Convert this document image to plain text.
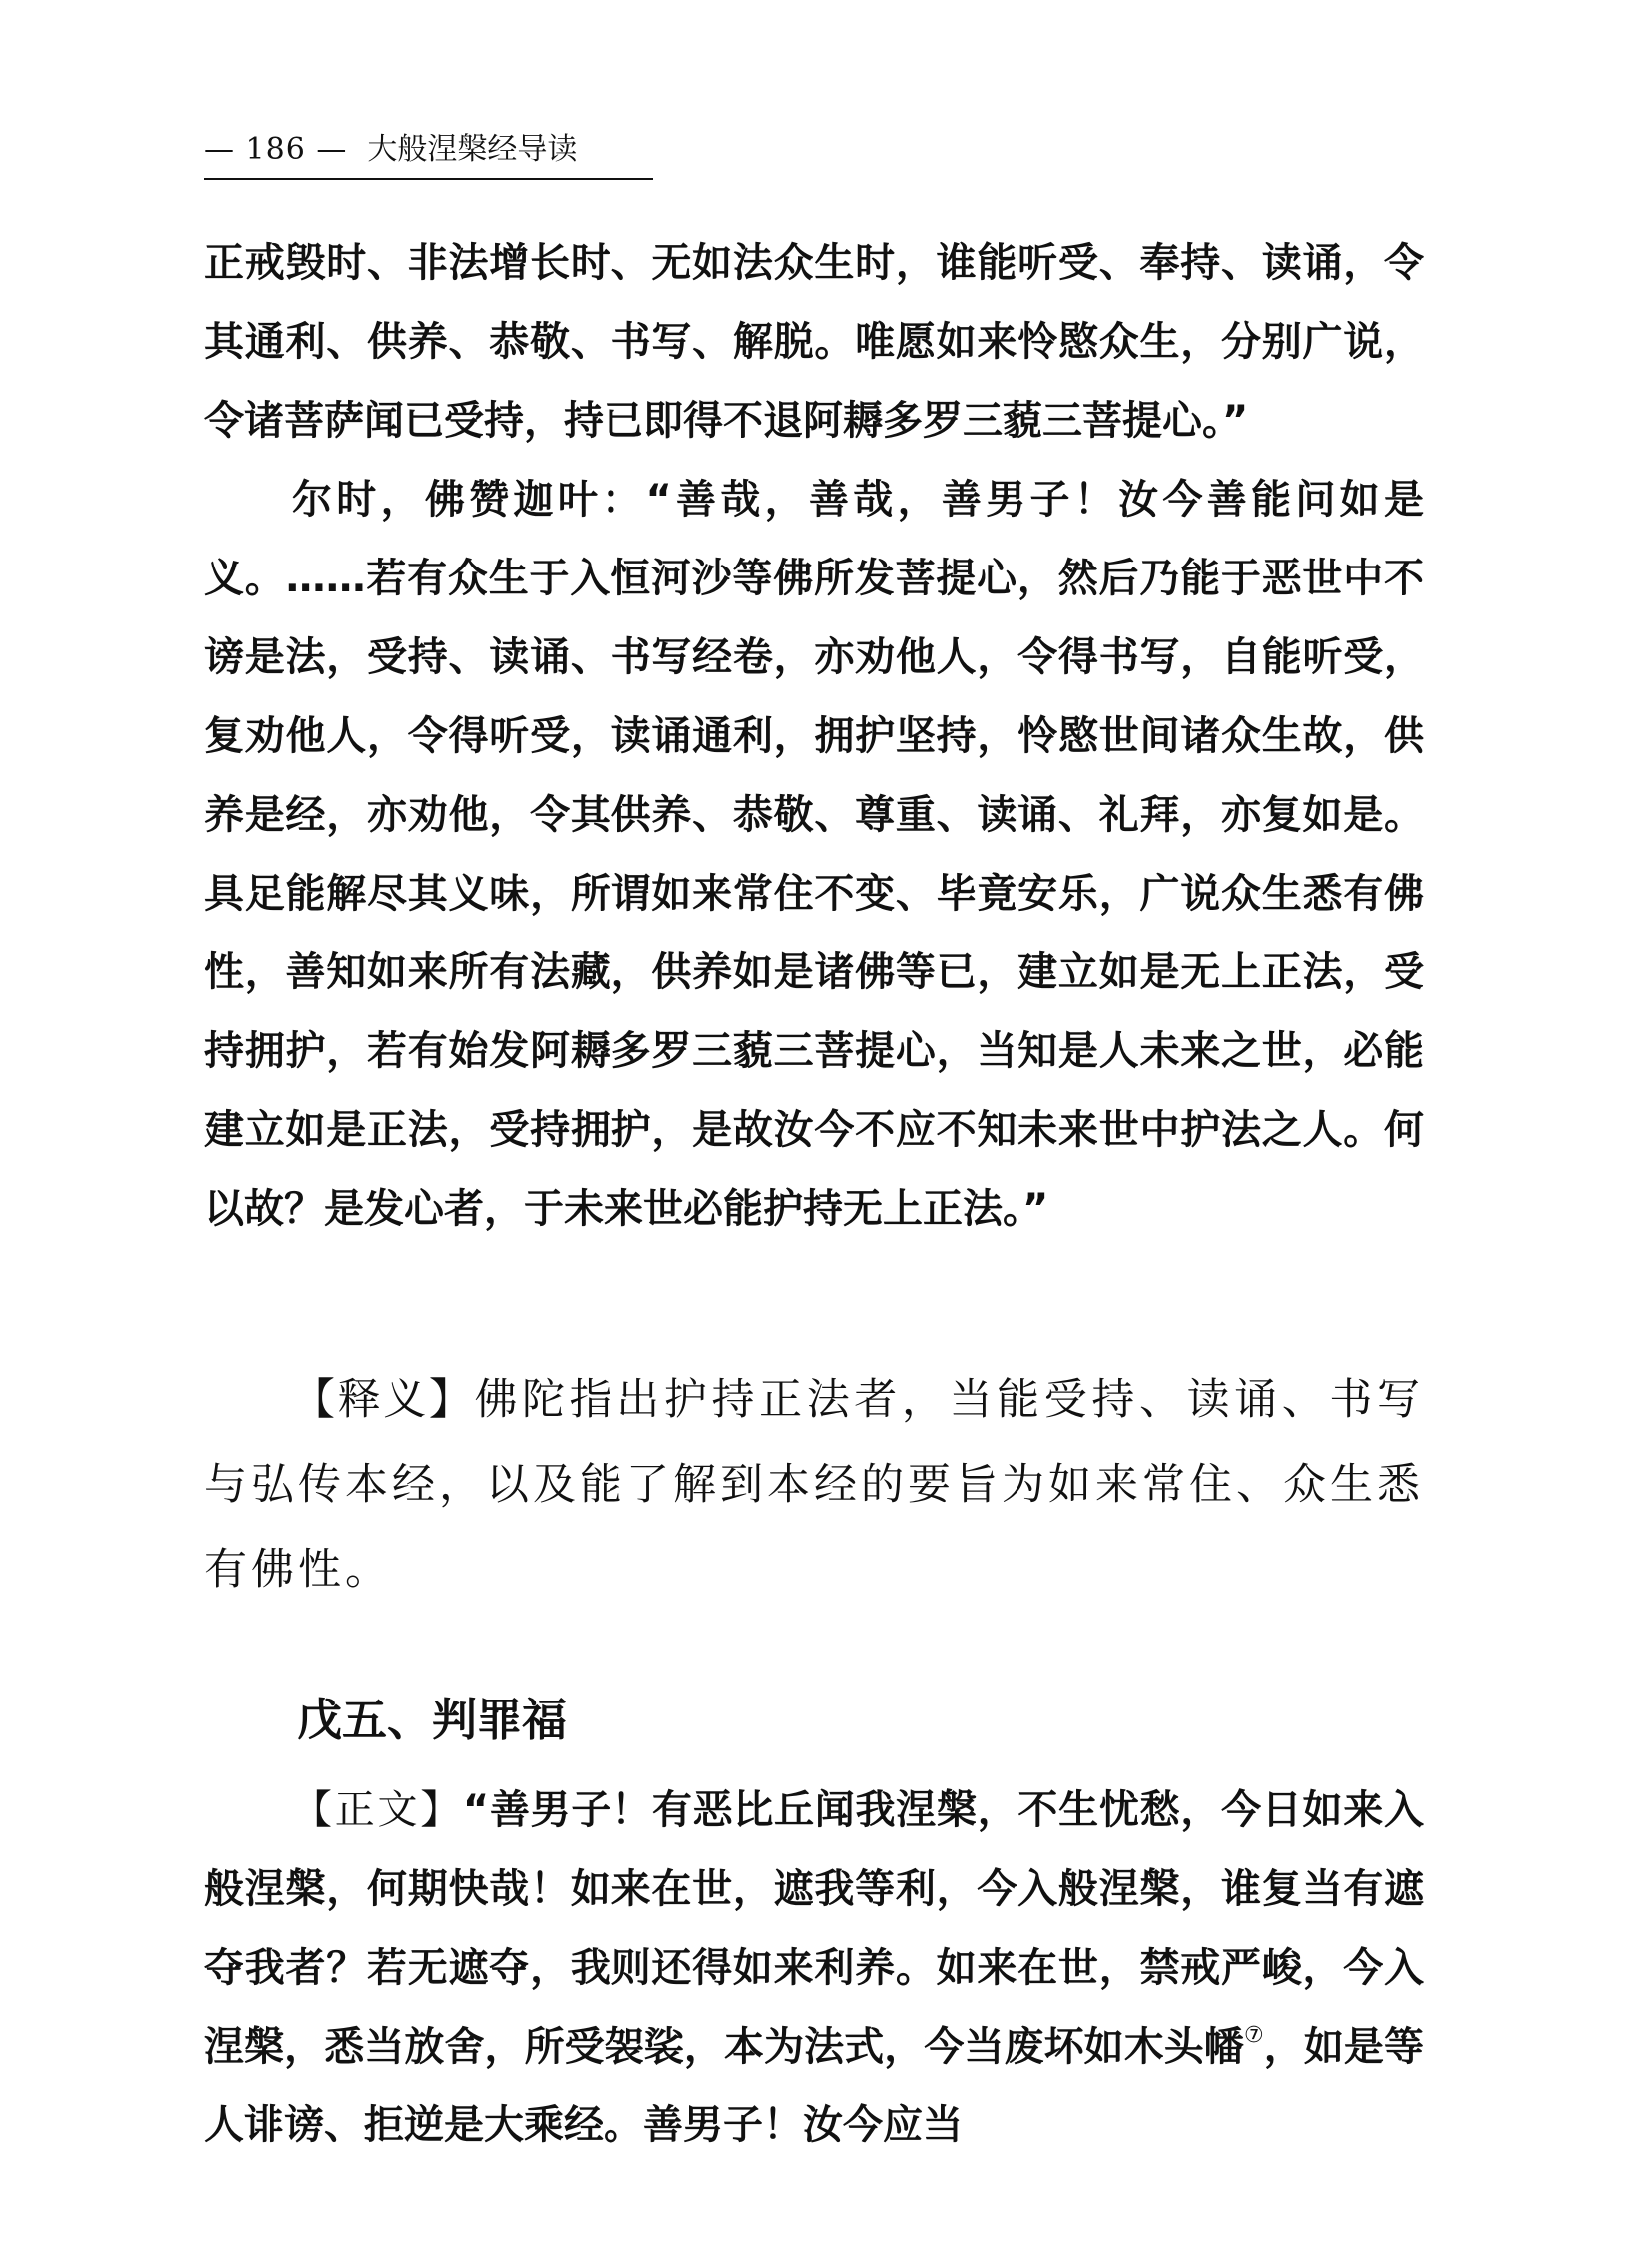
— 186 — 大般涅槃经导读

正戒毁时、非法增长时、无如法众生时，谁能听受、奉持、读诵，令其通利、供养、恭敬、书写、解脱。唯愿如来怜愍众生，分别广说，令诸菩萨闻已受持，持已即得不退阿耨多罗三藐三菩提心。”

尔时，佛赞迦叶：“善哉，善哉，善男子！汝今善能问如是义。……若有众生于入恒河沙等佛所发菩提心，然后乃能于恶世中不谤是法，受持、读诵、书写经卷，亦劝他人，令得书写，自能听受，复劝他人，令得听受，读诵通利，拥护坚持，怜愍世间诸众生故，供养是经，亦劝他，令其供养、恭敬、尊重、读诵、礼拜，亦复如是。具足能解尽其义味，所谓如来常住不变、毕竟安乐，广说众生悉有佛性，善知如来所有法藏，供养如是诸佛等已，建立如是无上正法，受持拥护，若有始发阿耨多罗三藐三菩提心，当知是人未来之世，必能建立如是正法，受持拥护，是故汝今不应不知未来世中护法之人。何以故？是发心者，于未来世必能护持无上正法。”

【释义】佛陀指出护持正法者，当能受持、读诵、书写与弘传本经，以及能了解到本经的要旨为如来常住、众生悉有佛性。

戊五、判罪福

【正文】“善男子！有恶比丘闻我涅槃，不生忧愁，今日如来入般涅槃，何期快哉！如来在世，遮我等利，今入般涅槃，谁复当有遮夺我者？若无遮夺，我则还得如来利养。如来在世，禁戒严峻，今入涅槃，悉当放舍，所受袈裟，本为法式，今当废坏如木头幡⑦，如是等人诽谤、拒逆是大乘经。善男子！汝今应当
